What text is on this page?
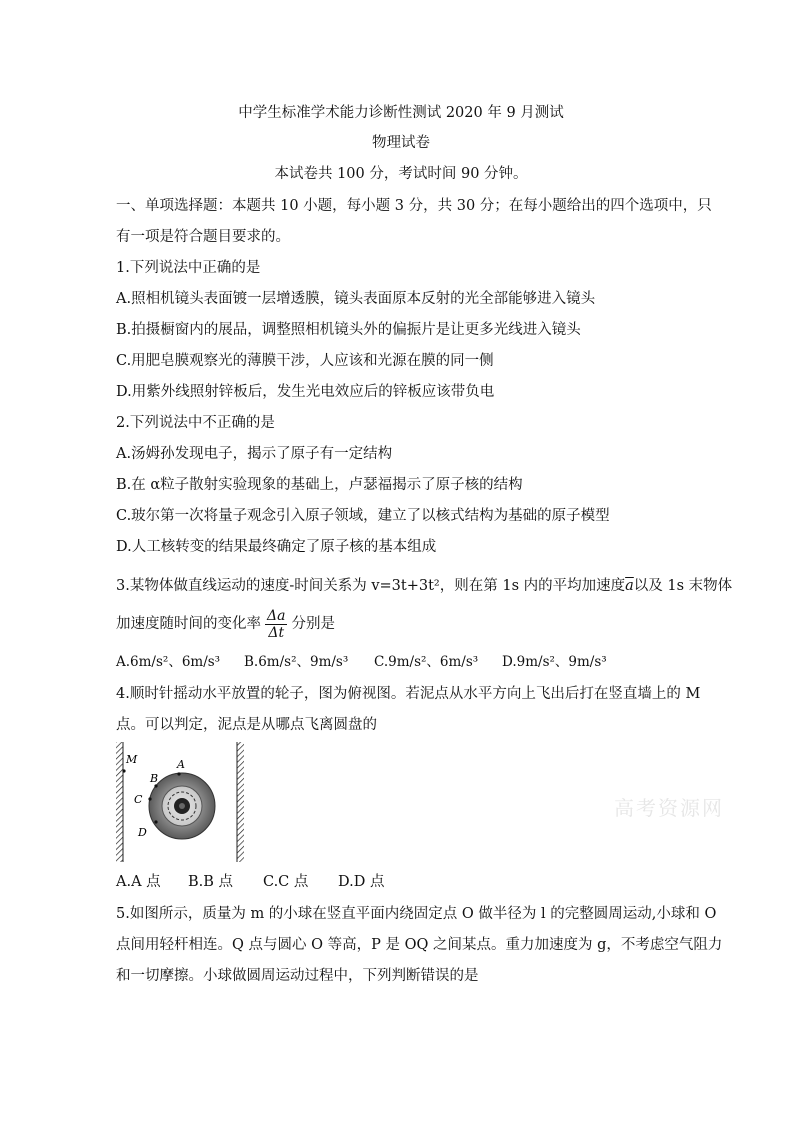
中学生标准学术能力诊断性测试 2020 年 9 月测试
物理试卷
本试卷共 100 分，考试时间 90 分钟。
一、单项选择题：本题共 10 小题，每小题 3 分，共 30 分；在每小题给出的四个选项中，只
有一项是符合题目要求的。
1.下列说法中正确的是
A.照相机镜头表面镀一层增透膜，镜头表面原本反射的光全部能够进入镜头
B.拍摄橱窗内的展品，调整照相机镜头外的偏振片是让更多光线进入镜头
C.用肥皂膜观察光的薄膜干涉，人应该和光源在膜的同一侧
D.用紫外线照射锌板后，发生光电效应后的锌板应该带负电
2.下列说法中不正确的是
A.汤姆孙发现电子，揭示了原子有一定结构
B.在 α粒子散射实验现象的基础上，卢瑟福揭示了原子核的结构
C.玻尔第一次将量子观念引入原子领域，建立了以核式结构为基础的原子模型
D.人工核转变的结果最终确定了原子核的基本组成
3.某物体做直线运动的速度-时间关系为 v=3t+3t²，则在第 1s 内的平均加速度$\overline{a}$以及 1s 末物体
加速度随时间的变化率 $\frac{\Delta a}{\Delta t}$ 分别是
A.6m/s²、6m/s³ B.6m/s²、9m/s³ C.9m/s²、6m/s³ D.9m/s²、9m/s³
4.顺时针摇动水平放置的轮子，图为俯视图。若泥点从水平方向上飞出后打在竖直墙上的 M
点。可以判定，泥点是从哪点飞离圆盘的
M	A
B
C
D
高考资源网
A.A 点 B.B 点 C.C 点 D.D 点
5.如图所示，质量为 m 的小球在竖直平面内绕固定点 O 做半径为 l 的完整圆周运动,小球和 O
点间用轻杆相连。Q 点与圆心 O 等高，P 是 OQ 之间某点。重力加速度为 g，不考虑空气阻力
和一切摩擦。小球做圆周运动过程中，下列判断错误的是
